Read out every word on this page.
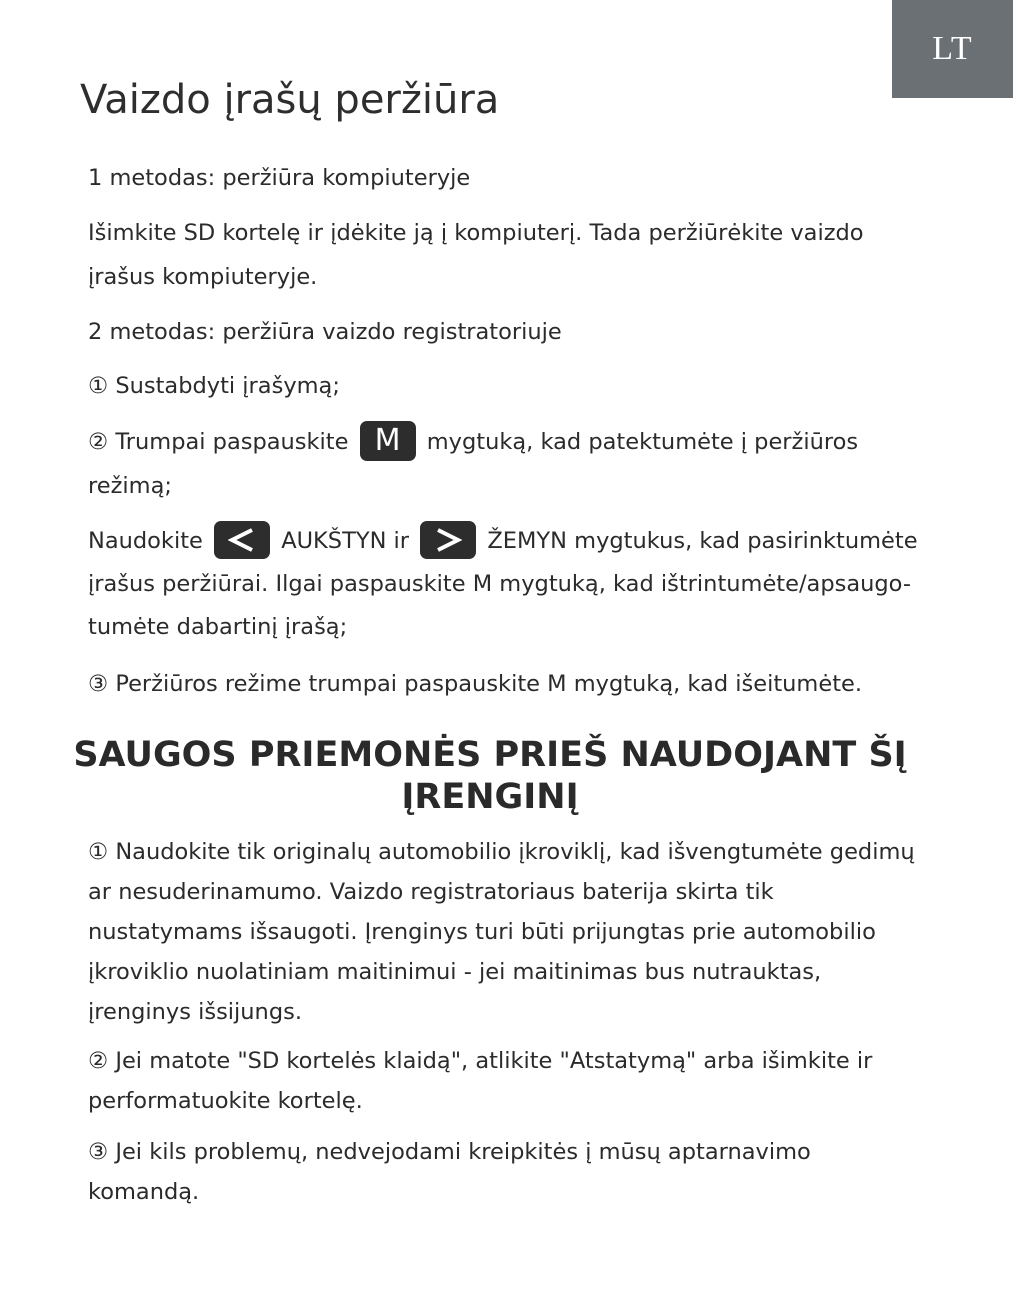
LT
Vaizdo įrašų peržiūra

1 metodas: peržiūra kompiuteryje

Išimkite SD kortelę ir įdėkite ją į kompiuterį. Tada peržiūrėkite vaizdo įrašus kompiuteryje.

2 metodas: peržiūra vaizdo registratoriuje

① Sustabdyti įrašymą;

② Trumpai paspauskite M mygtuką, kad patektumėte į peržiūros režimą;

Naudokite	AUKŠTYN ir	ŽEMYN mygtukus, kad pasirinktumėte įrašus peržiūrai. Ilgai paspauskite M mygtuką, kad ištrintumėte/apsaugo-tumėte dabartinį įrašą;

③ Peržiūros režime trumpai paspauskite M mygtuką, kad išeitumėte.

SAUGOS PRIEMONĖS PRIEŠ NAUDOJANT ŠĮ ĮRENGINĮ

① Naudokite tik originalų automobilio įkroviklį, kad išvengtumėte gedimų ar nesuderinamumo. Vaizdo registratoriaus baterija skirta tik nustatymams išsaugoti. Įrenginys turi būti prijungtas prie automobilio įkroviklio nuolatiniam maitinimui - jei maitinimas bus nutrauktas, įrenginys išsijungs.

② Jei matote "SD kortelės klaidą", atlikite "Atstatymą" arba išimkite ir performatuokite kortelę.

③ Jei kils problemų, nedvejodami kreipkitės į mūsų aptarnavimo komandą.
